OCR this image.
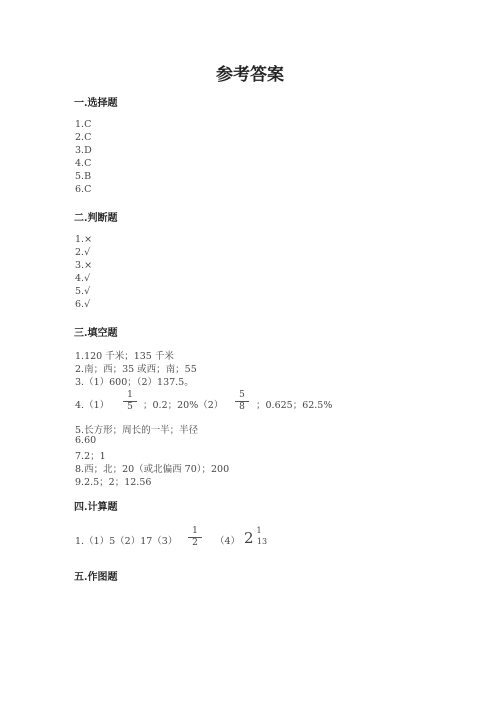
参考答案
一.选择题
1.C
2.C
3.D
4.C
5.B
6.C
二.判断题
1.×
2.√
3.×
4.√
5.√
6.√
三.填空题
1.120 千米；135 千米
2.南；西；35 或西；南；55
3.（1）600；（2）137.5。
$4.(1) \frac{1}{5}$ ；0.2；$20\%(2) \frac{5}{8}$ ；0.625；62.5%
5.长方形；周长的一半；半径
6.60
7.2；1
8.西；北；20（或北偏西 70）；200
9.2.5；2；12.56
四.计算题
$1.(1)5(2)17(3) \frac{1}{2} (4)$ 2 1
13
五.作图题
